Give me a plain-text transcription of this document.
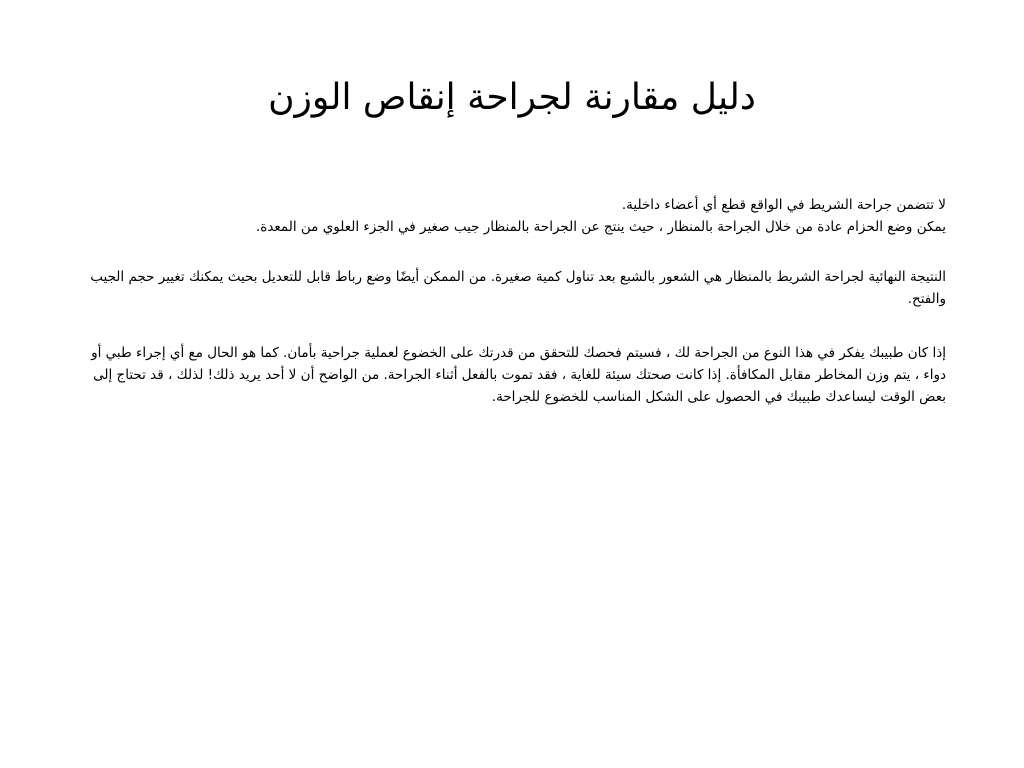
دليل مقارنة لجراحة إنقاص الوزن

لا تتضمن جراحة الشريط في الواقع قطع أي أعضاء داخلية.

يمكن وضع الحزام عادة من خلال الجراحة بالمنظار ، حيث ينتج عن الجراحة بالمنظار جيب صغير في الجزء العلوي من المعدة.

النتيجة النهائية لجراحة الشريط بالمنظار هي الشعور بالشبع بعد تناول كمية صغيرة. من الممكن أيضًا وضع رباط قابل للتعديل بحيث يمكنك تغيير حجم الجيب والفتح.

إذا كان طبيبك يفكر في هذا النوع من الجراحة لك ، فسيتم فحصك للتحقق من قدرتك على الخضوع لعملية جراحية بأمان. كما هو الحال مع أي إجراء طبي أو دواء ، يتم وزن المخاطر مقابل المكافأة. إذا كانت صحتك سيئة للغاية ، فقد تموت بالفعل أثناء الجراحة. من الواضح أن لا أحد يريد ذلك! لذلك ، قد تحتاج إلى بعض الوقت ليساعدك طبيبك في الحصول على الشكل المناسب للخضوع للجراحة.
